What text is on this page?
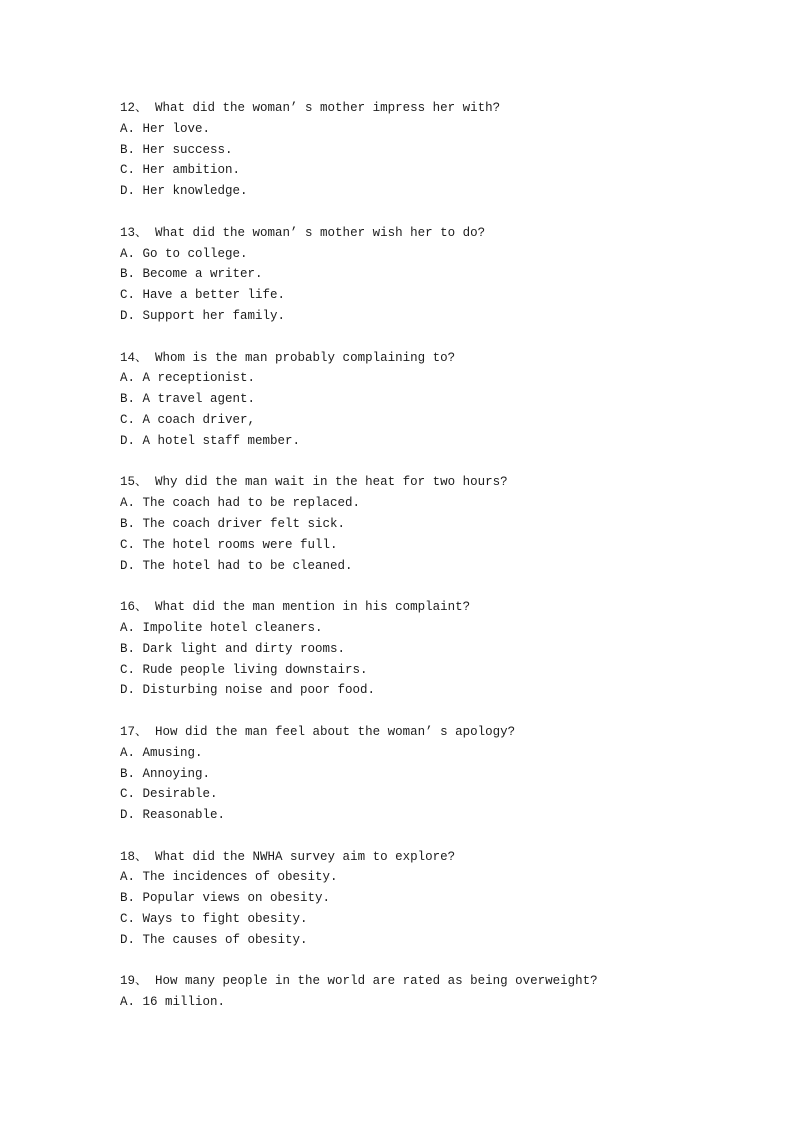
12、 What did the woman’ s mother impress her with?
A. Her love.
B. Her success.
C. Her ambition.
D. Her knowledge.
13、 What did the woman’ s mother wish her to do?
A. Go to college.
B. Become a writer.
C. Have a better life.
D. Support her family.
14、 Whom is the man probably complaining to?
A. A receptionist.
B. A travel agent.
C. A coach driver,
D. A hotel staff member.
15、 Why did the man wait in the heat for two hours?
A. The coach had to be replaced.
B. The coach driver felt sick.
C. The hotel rooms were full.
D. The hotel had to be cleaned.
16、 What did the man mention in his complaint?
A. Impolite hotel cleaners.
B. Dark light and dirty rooms.
C. Rude people living downstairs.
D. Disturbing noise and poor food.
17、 How did the man feel about the woman’ s apology?
A. Amusing.
B. Annoying.
C. Desirable.
D. Reasonable.
18、 What did the NWHA survey aim to explore?
A. The incidences of obesity.
B. Popular views on obesity.
C. Ways to fight obesity.
D. The causes of obesity.
19、 How many people in the world are rated as being overweight?
A. 16 million.
